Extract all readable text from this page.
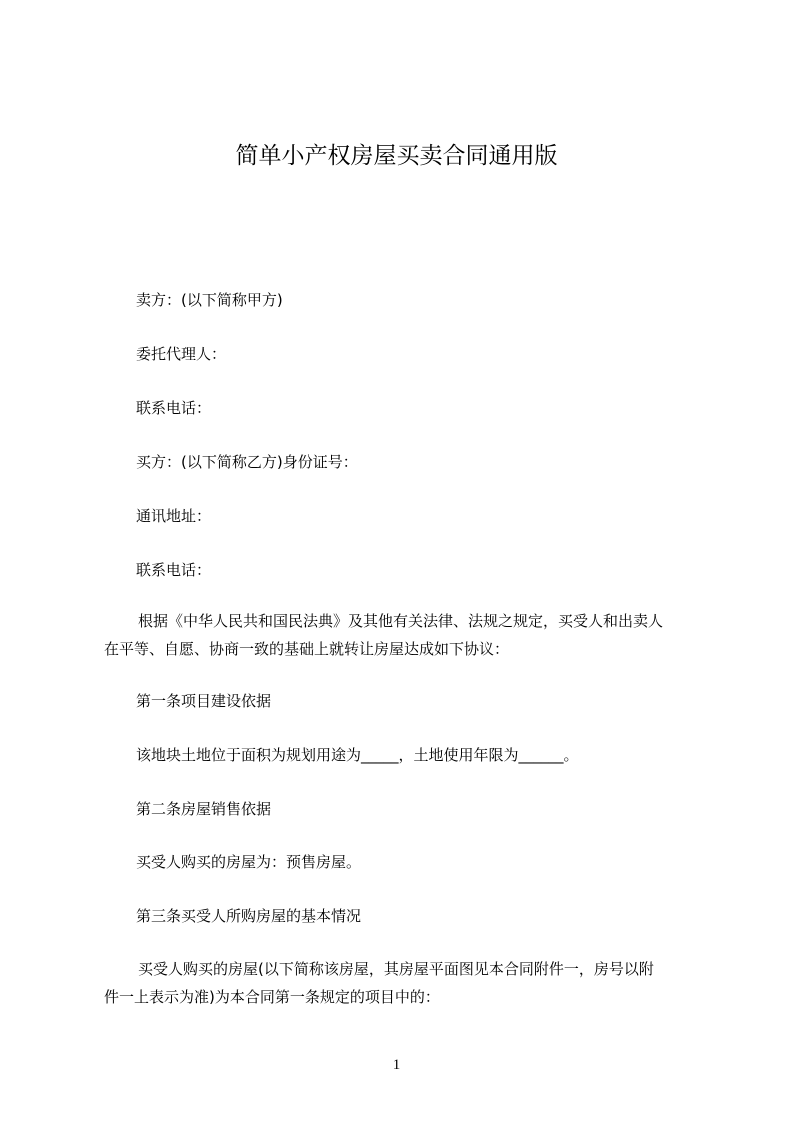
简单小产权房屋买卖合同通用版
卖方：(以下简称甲方)
委托代理人：
联系电话：
买方：(以下简称乙方)身份证号：
通讯地址：
联系电话：
根据《中华人民共和国民法典》及其他有关法律、法规之规定，买受人和出卖人
在平等、自愿、协商一致的基础上就转让房屋达成如下协议：
第一条项目建设依据
该地块土地位于面积为规划用途为_____，土地使用年限为______。
第二条房屋销售依据
买受人购买的房屋为：预售房屋。
第三条买受人所购房屋的基本情况
买受人购买的房屋(以下简称该房屋，其房屋平面图见本合同附件一，房号以附
件一上表示为准)为本合同第一条规定的项目中的：
1
